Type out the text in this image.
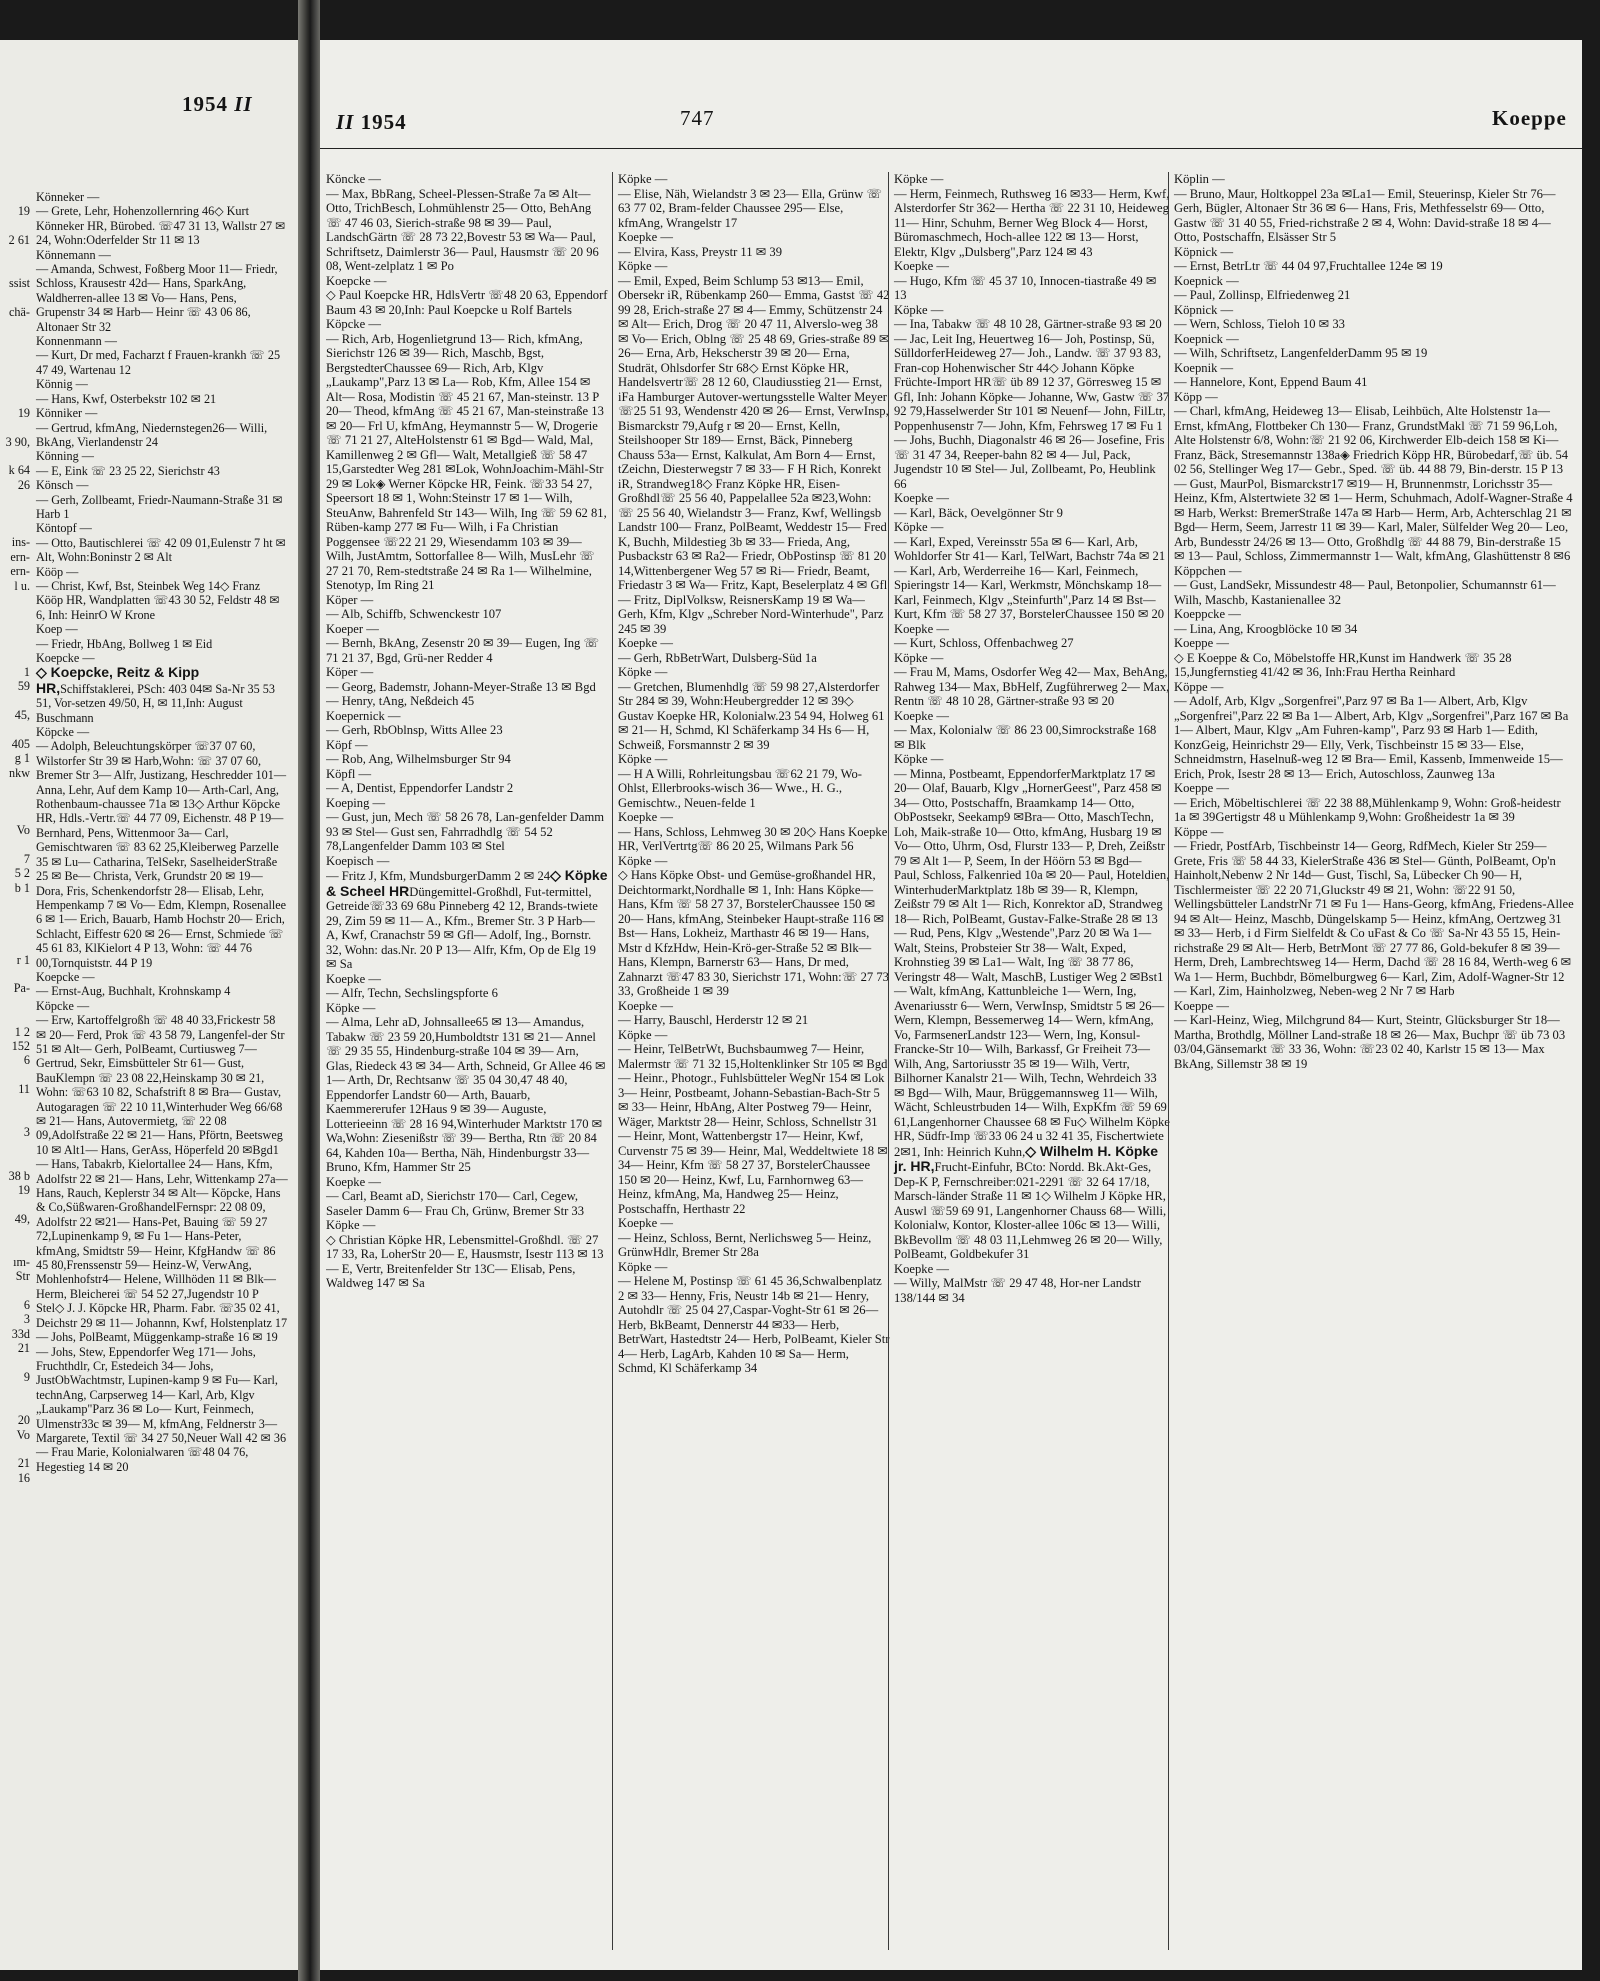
1954 II
19
2 61
ssist
chä-
19
3 90,
k 64
26
ins-
ern-
ern-
l u.
1
59
45,
405
g 1
nkw
Vo
7
5 2
b 1
r 1
Pa-
1 2
152
6
11
3
38 b
19
49,
ım-
Str
6
3
33d
21
9
20
Vo
21
16
Könneker —
— Grete, Lehr, Hohenzollernring 46◇ Kurt Könneker HR, Bürobed. ☏47 31 13, Wallstr 27 ✉ 24, Wohn:Oderfelder Str 11 ✉ 13
Könnemann —
— Amanda, Schwest, Foßberg Moor 11— Friedr, Schloss, Krausestr 42d— Hans, SparkAng, Waldherren-allee 13 ✉ Vo— Hans, Pens, Grupenstr 34 ✉ Harb— Heinr ☏ 43 06 86, Altonaer Str 32
Konnenmann —
— Kurt, Dr med, Facharzt f Frauen-krankh ☏ 25 47 49, Wartenau 12
Könnig —
— Hans, Kwf, Osterbekstr 102 ✉ 21
Könniker —
— Gertrud, kfmAng, Niedernstegen26— Willi, BkAng, Vierlandenstr 24
Könning —
— E, Eink ☏ 23 25 22, Sierichstr 43
Könsch —
— Gerh, Zollbeamt, Friedr-Naumann-Straße 31 ✉ Harb 1
Köntopf —
— Otto, Bautischlerei ☏ 42 09 01,Eulenstr 7 ht ✉ Alt, Wohn:Boninstr 2 ✉ Alt
Kööp —
— Christ, Kwf, Bst, Steinbek Weg 14◇ Franz Kööp HR, Wandplatten ☏43 30 52, Feldstr 48 ✉ 6, Inh: HeinrO W Krone
Koep —
— Friedr, HbAng, Bollweg 1 ✉ Eid
Koepcke —
◇ Koepcke, Reitz & Kipp HR,Schiffstaklerei, PSch: 403 04✉ Sa-Nr 35 53 51, Vor-setzen 49/50, H, ✉ 11,Inh: August Buschmann
Köpcke —
— Adolph, Beleuchtungskörper ☏37 07 60, Wilstorfer Str 39 ✉ Harb,Wohn: ☏ 37 07 60, Bremer Str 3— Alfr, Justizang, Heschredder 101— Anna, Lehr, Auf dem Kamp 10— Arth-Carl, Ang, Rothenbaum-chaussee 71a ✉ 13◇ Arthur Köpcke HR, Hdls.-Vertr.☏ 44 77 09, Eichenstr. 48 P 19— Bernhard, Pens, Wittenmoor 3a— Carl, Gemischtwaren ☏ 83 62 25,Kleiberweg Parzelle 35 ✉ Lu— Catharina, TelSekr, SaselheiderStraße 25 ✉ Be— Christa, Verk, Grundstr 20 ✉ 19— Dora, Fris, Schenkendorfstr 28— Elisab, Lehr, Hempenkamp 7 ✉ Vo— Edm, Klempn, Rosenallee 6 ✉ 1— Erich, Bauarb, Hamb Hochstr 20— Erich, Schlacht, Eiffestr 620 ✉ 26— Ernst, Schmiede ☏ 45 61 83, KlKielort 4 P 13, Wohn: ☏ 44 76 00,Tornquiststr. 44 P 19
Koepcke —
— Ernst-Aug, Buchhalt, Krohnskamp 4
Köpcke —
— Erw, Kartoffelgroßh ☏ 48 40 33,Frickestr 58 ✉ 20— Ferd, Prok ☏ 43 58 79, Langenfel-der Str 51 ✉ Alt— Gerh, PolBeamt, Curtiusweg 7— Gertrud, Sekr, Eimsbütteler Str 61— Gust, BauKlempn ☏ 23 08 22,Heinskamp 30 ✉ 21, Wohn: ☏63 10 82, Schafstrift 8 ✉ Bra— Gustav, Autogaragen ☏ 22 10 11,Winterhuder Weg 66/68 ✉ 21— Hans, Autovermietg, ☏ 22 08 09,Adolfstraße 22 ✉ 21— Hans, Pförtn, Beetsweg 10 ✉ Alt1— Hans, GerAss, Höperfeld 20 ✉Bgd1— Hans, Tabakrb, Kielortallee 24— Hans, Kfm, Adolfstr 22 ✉ 21— Hans, Lehr, Wittenkamp 27a— Hans, Rauch, Keplerstr 34 ✉ Alt— Köpcke, Hans & Co,Süßwaren-GroßhandelFernspr: 22 08 09, Adolfstr 22 ✉21— Hans-Pet, Bauing ☏ 59 27 72,Lupinenkamp 9, ✉ Fu 1— Hans-Peter, kfmAng, Smidtstr 59— Heinr, KfgHandw ☏ 86 45 80,Frenssenstr 59— Heinz-W, VerwAng, Mohlenhofstr4— Helene, Willhöden 11 ✉ Blk— Herm, Bleicherei ☏ 54 52 27,Jugendstr 10 P Stel◇ J. J. Köpcke HR, Pharm. Fabr. ☏35 02 41, Deichstr 29 ✉ 11— Johannn, Kwf, Holstenplatz 17— Johs, PolBeamt, Müggenkamp-straße 16 ✉ 19— Johs, Stew, Eppendorfer Weg 171— Johs, Fruchthdlr, Cr, Estedeich 34— Johs, JustObWachtmstr, Lupinen-kamp 9 ✉ Fu— Karl, technAng, Carpserweg 14— Karl, Arb, Klgv „Laukamp"Parz 36 ✉ Lo— Kurt, Feinmech, Ulmenstr33c ✉ 39— M, kfmAng, Feldnerstr 3— Margarete, Textil ☏ 34 27 50,Neuer Wall 42 ✉ 36— Frau Marie, Kolonialwaren ☏48 04 76, Hegestieg 14 ✉ 20
II 1954	747	Koeppe
Köncke —
— Max, BbRang, Scheel-Plessen-Straße 7a ✉ Alt— Otto, TrichBesch, Lohmühlenstr 25— Otto, BehAng ☏ 47 46 03, Sierich-straße 98 ✉ 39— Paul, LandschGärtn ☏ 28 73 22,Bovestr 53 ✉ Wa— Paul, Schriftsetz, Daimlerstr 36— Paul, Hausmstr ☏ 20 96 08, Went-zelplatz 1 ✉ Po
Koepcke —
◇ Paul Koepcke HR, HdlsVertr ☏48 20 63, Eppendorf Baum 43 ✉ 20,Inh: Paul Koepcke u Rolf Bartels
Köpcke —
— Rich, Arb, Hogenlietgrund 13— Rich, kfmAng, Sierichstr 126 ✉ 39— Rich, Maschb, Bgst, BergstedterChaussee 69— Rich, Arb, Klgv „Laukamp",Parz 13 ✉ La— Rob, Kfm, Allee 154 ✉ Alt— Rosa, Modistin ☏ 45 21 67, Man-steinstr. 13 P 20— Theod, kfmAng ☏ 45 21 67, Man-steinstraße 13 ✉ 20— Frl U, kfmAng, Heymannstr 5— W, Drogerie ☏ 71 21 27, AlteHolstenstr 61 ✉ Bgd— Wald, Mal, Kamillenweg 2 ✉ Gfl— Walt, Metallgieß ☏ 58 47 15,Garstedter Weg 281 ✉Lok, WohnJoachim-Mähl-Str 29 ✉ Lok◈ Werner Köpcke HR, Feink. ☏33 54 27, Speersort 18 ✉ 1, Wohn:Steinstr 17 ✉ 1— Wilh, SteuAnw, Bahrenfeld Str 143— Wilh, Ing ☏ 59 62 81, Rüben-kamp 277 ✉ Fu— Wilh, i Fa Christian Poggensee ☏22 21 29, Wiesendamm 103 ✉ 39— Wilh, JustAmtm, Sottorfallee 8— Wilh, MusLehr ☏ 27 21 70, Rem-stedtstraße 24 ✉ Ra 1— Wilhelmine, Stenotyp, Im Ring 21
Köper —
— Alb, Schiffb, Schwenckestr 107
Koeper —
— Bernh, BkAng, Zesenstr 20 ✉ 39— Eugen, Ing ☏ 71 21 37, Bgd, Grü-ner Redder 4
Köper —
— Georg, Bademstr, Johann-Meyer-Straße 13 ✉ Bgd— Henry, tAng, Neßdeich 45
Koepernick —
— Gerh, RbOblnsp, Witts Allee 23
Köpf —
— Rob, Ang, Wilhelmsburger Str 94
Köpfl —
— A, Dentist, Eppendorfer Landstr 2
Koeping —
— Gust, jun, Mech ☏ 58 26 78, Lan-genfelder Damm 93 ✉ Stel— Gust sen, Fahrradhdlg ☏ 54 52 78,Langenfelder Damm 103 ✉ Stel
Koepisch —
— Fritz J, Kfm, MundsburgerDamm 2 ✉ 24◇ Köpke & Scheel HRDüngemittel-Großhdl, Fut-termittel, Getreide☏33 69 68u Pinneberg 42 12, Brands-twiete 29, Zim 59 ✉ 11— A., Kfm., Bremer Str. 3 P Harb— A, Kwf, Cranachstr 59 ✉ Gfl— Adolf, Ing., Bornstr. 32, Wohn: das.Nr. 20 P 13— Alfr, Kfm, Op de Elg 19 ✉ Sa
Koepke —
— Alfr, Techn, Sechslingspforte 6
Köpke —
— Alma, Lehr aD, Johnsallee65 ✉ 13— Amandus, Tabakw ☏ 23 59 20,Humboldtstr 131 ✉ 21— Annel ☏ 29 35 55, Hindenburg-straße 104 ✉ 39— Arn, Glas, Riedeck 43 ✉ 34— Arth, Schneid, Gr Allee 46 ✉ 1— Arth, Dr, Rechtsanw ☏ 35 04 30,47 48 40, Eppendorfer Landstr 60— Arth, Bauarb, Kaemmererufer 12Haus 9 ✉ 39— Auguste, Lotterieeinn ☏ 28 16 94,Winterhuder Marktstr 170 ✉ Wa,Wohn: Ziesenißstr ☏ 39— Bertha, Rtn ☏ 20 84 64, Kahden 10a— Bertha, Näh, Hindenburgstr 33— Bruno, Kfm, Hammer Str 25
Koepke —
— Carl, Beamt aD, Sierichstr 170— Carl, Cegew, Saseler Damm 6— Frau Ch, Grünw, Bremer Str 33
Köpke —
◇ Christian Köpke HR, Lebensmittel-Großhdl. ☏ 27 17 33, Ra, LoherStr 20— E, Hausmstr, Isestr 113 ✉ 13— E, Vertr, Breitenfelder Str 13C— Elisab, Pens, Waldweg 147 ✉ Sa
Köpke —
— Elise, Näh, Wielandstr 3 ✉ 23— Ella, Grünw ☏ 63 77 02, Bram-felder Chaussee 295— Else, kfmAng, Wrangelstr 17
Koepke —
— Elvira, Kass, Preystr 11 ✉ 39
Köpke —
— Emil, Exped, Beim Schlump 53 ✉13— Emil, Obersekr iR, Rübenkamp 260— Emma, Gastst ☏ 42 99 28, Erich-straße 27 ✉ 4— Emmy, Schützenstr 24 ✉ Alt— Erich, Drog ☏ 20 47 11, Alverslo-weg 38 ✉ Vo— Erich, Oblng ☏ 25 48 69, Gries-straße 89 ✉ 26— Erna, Arb, Hekscherstr 39 ✉ 20— Erna, Studrät, Ohlsdorfer Str 68◇ Ernst Köpke HR, Handelsvertr☏ 28 12 60, Claudiusstieg 21— Ernst, iFa Hamburger Autover-wertungsstelle Walter Meyer ☏25 51 93, Wendenstr 420 ✉ 26— Ernst, VerwInsp, Bismarckstr 79,Aufg r ✉ 20— Ernst, Kelln, Steilshooper Str 189— Ernst, Bäck, Pinneberg Chauss 53a— Ernst, Kalkulat, Am Born 4— Ernst, tZeichn, Diesterwegstr 7 ✉ 33— F H Rich, Konrekt iR, Strandweg18◇ Franz Köpke HR, Eisen-Großhdl☏ 25 56 40, Pappelallee 52a ✉23,Wohn: ☏ 25 56 40, Wielandstr 3— Franz, Kwf, Wellingsb Landstr 100— Franz, PolBeamt, Weddestr 15— Fred K, Buchh, Mildestieg 3b ✉ 33— Frieda, Ang, Pusbackstr 63 ✉ Ra2— Friedr, ObPostinsp ☏ 81 20 14,Wittenbergener Weg 57 ✉ Ri— Friedr, Beamt, Friedastr 3 ✉ Wa— Fritz, Kapt, Beselerplatz 4 ✉ Gfl— Fritz, DiplVolksw, ReisnersKamp 19 ✉ Wa— Gerh, Kfm, Klgv „Schreber Nord-Winterhude", Parz 245 ✉ 39
Koepke —
— Gerh, RbBetrWart, Dulsberg-Süd 1a
Köpke —
— Gretchen, Blumenhdlg ☏ 59 98 27,Alsterdorfer Str 284 ✉ 39, Wohn:Heubergredder 12 ✉ 39◇ Gustav Koepke HR, Kolonialw.23 54 94, Holweg 61 ✉ 21— H, Schmd, Kl Schäferkamp 34 Hs 6— H, Schweiß, Forsmannstr 2 ✉ 39
Köpke —
— H A Willi, Rohrleitungsbau ☏62 21 79, Wo-Ohlst, Ellerbrooks-wisch 36— Wwe., H. G., Gemischtw., Neuen-felde 1
Koepke —
— Hans, Schloss, Lehmweg 30 ✉ 20◇ Hans Koepke HR, VerlVertrtg☏ 86 20 25, Wilmans Park 56
Köpke —
◇ Hans Köpke Obst- und Gemüse-großhandel HR, Deichtormarkt,Nordhalle ✉ 1, Inh: Hans Köpke— Hans, Kfm ☏ 58 27 37, BorstelerChaussee 150 ✉ 20— Hans, kfmAng, Steinbeker Haupt-straße 116 ✉ Bst— Hans, Lokheiz, Marthastr 46 ✉ 19— Hans, Mstr d KfzHdw, Hein-Krö-ger-Straße 52 ✉ Blk— Hans, Klempn, Barnerstr 63— Hans, Dr med, Zahnarzt ☏47 83 30, Sierichstr 171, Wohn:☏ 27 73 33, Großheide 1 ✉ 39
Koepke —
— Harry, Bauschl, Herderstr 12 ✉ 21
Köpke —
— Heinr, TelBetrWt, Buchsbaumweg 7— Heinr, Malermstr ☏ 71 32 15,Holtenklinker Str 105 ✉ Bgd— Heinr., Photogr., Fuhlsbütteler WegNr 154 ✉ Lok 3— Heinr, Postbeamt, Johann-Sebastian-Bach-Str 5 ✉ 33— Heinr, HbAng, Alter Postweg 79— Heinr, Wäger, Marktstr 28— Heinr, Schloss, Schnellstr 31— Heinr, Mont, Wattenbergstr 17— Heinr, Kwf, Curvenstr 75 ✉ 39— Heinr, Mal, Weddeltwiete 18 ✉ 34— Heinr, Kfm ☏ 58 27 37, BorstelerChaussee 150 ✉ 20— Heinz, Kwf, Lu, Farnhornweg 63— Heinz, kfmAng, Ma, Handweg 25— Heinz, Postschaffn, Herthastr 22
Koepke —
— Heinz, Schloss, Bernt, Nerlichsweg 5— Heinz, GrünwHdlr, Bremer Str 28a
Köpke —
— Helene M, Postinsp ☏ 61 45 36,Schwalbenplatz 2 ✉ 33— Henny, Fris, Neustr 14b ✉ 21— Henry, Autohdlr ☏ 25 04 27,Caspar-Voght-Str 61 ✉ 26— Herb, BkBeamt, Dennerstr 44 ✉33— Herb, BetrWart, Hastedtstr 24— Herb, PolBeamt, Kieler Str 4— Herb, LagArb, Kahden 10 ✉ Sa— Herm, Schmd, Kl Schäferkamp 34
Köpke —
— Herm, Feinmech, Ruthsweg 16 ✉33— Herm, Kwf, Alsterdorfer Str 362— Hertha ☏ 22 31 10, Heideweg 11— Hinr, Schuhm, Berner Weg Block 4— Horst, Büromaschmech, Hoch-allee 122 ✉ 13— Horst, Elektr, Klgv „Dulsberg",Parz 124 ✉ 43
Koepke —
— Hugo, Kfm ☏ 45 37 10, Innocen-tiastraße 49 ✉ 13
Köpke —
— Ina, Tabakw ☏ 48 10 28, Gärtner-straße 93 ✉ 20— Jac, Leit Ing, Heuertweg 16— Joh, Postinsp, Sü, SülldorferHeideweg 27— Joh., Landw. ☏ 37 93 83, Fran-cop Hohenwischer Str 44◇ Johann Köpke Früchte-Import HR☏ üb 89 12 37, Görresweg 15 ✉Gfl, Inh: Johann Köpke— Johanne, Ww, Gastw ☏ 37 92 79,Hasselwerder Str 101 ✉ Neuenf— John, FilLtr, Poppenhusenstr 7— John, Kfm, Fehrsweg 17 ✉ Fu 1— Johs, Buchh, Diagonalstr 46 ✉ 26— Josefine, Fris ☏ 31 47 34, Reeper-bahn 82 ✉ 4— Jul, Pack, Jugendstr 10 ✉ Stel— Jul, Zollbeamt, Po, Heublink 66
Koepke —
— Karl, Bäck, Oevelgönner Str 9
Köpke —
— Karl, Exped, Vereinsstr 55a ✉ 6— Karl, Arb, Wohldorfer Str 41— Karl, TelWart, Bachstr 74a ✉ 21— Karl, Arb, Werderreihe 16— Karl, Feinmech, Spieringstr 14— Karl, Werkmstr, Mönchskamp 18— Karl, Feinmech, Klgv „Steinfurth",Parz 14 ✉ Bst— Kurt, Kfm ☏ 58 27 37, BorstelerChaussee 150 ✉ 20
Koepke —
— Kurt, Schloss, Offenbachweg 27
Köpke —
— Frau M, Mams, Osdorfer Weg 42— Max, BehAng, Rahweg 134— Max, BbHelf, Zugführerweg 2— Max, Rentn ☏ 48 10 28, Gärtner-straße 93 ✉ 20
Koepke —
— Max, Kolonialw ☏ 86 23 00,Simrockstraße 168 ✉ Blk
Köpke —
— Minna, Postbeamt, EppendorferMarktplatz 17 ✉ 20— Olaf, Bauarb, Klgv „HornerGeest", Parz 458 ✉ 34— Otto, Postschaffn, Braamkamp 14— Otto, ObPostsekr, Seekamp9 ✉Bra— Otto, MaschTechn, Loh, Maik-straße 10— Otto, kfmAng, Husbarg 19 ✉ Vo— Otto, Uhrm, Osd, Flurstr 133— P, Dreh, Zeißstr 79 ✉ Alt 1— P, Seem, In der Höörn 53 ✉ Bgd— Paul, Schloss, Falkenried 10a ✉ 20— Paul, Hoteldien, WinterhuderMarktplatz 18b ✉ 39— R, Klempn, Zeißstr 79 ✉ Alt 1— Rich, Konrektor aD, Strandweg 18— Rich, PolBeamt, Gustav-Falke-Straße 28 ✉ 13— Rud, Pens, Klgv „Westende",Parz 20 ✉ Wa 1— Walt, Steins, Probsteier Str 38— Walt, Exped, Krohnstieg 39 ✉ La1— Walt, Ing ☏ 38 77 86, Veringstr 48— Walt, MaschB, Lustiger Weg 2 ✉Bst1— Walt, kfmAng, Kattunbleiche 1— Wern, Ing, Avenariusstr 6— Wern, VerwInsp, Smidtstr 5 ✉ 26— Wern, Klempn, Bessemerweg 14— Wern, kfmAng, Vo, FarmsenerLandstr 123— Wern, Ing, Konsul-Francke-Str 10— Wilh, Barkassf, Gr Freiheit 73— Wilh, Ang, Sartoriusstr 35 ✉ 19— Wilh, Vertr, Bilhorner Kanalstr 21— Wilh, Techn, Wehrdeich 33 ✉ Bgd— Wilh, Maur, Brüggemannsweg 11— Wilh, Wächt, Schleustrbuden 14— Wilh, ExpKfm ☏ 59 69 61,Langenhorner Chaussee 68 ✉ Fu◇ Wilhelm Köpke HR, Südfr-Imp ☏33 06 24 u 32 41 35, Fischertwiete 2✉1, Inh: Heinrich Kuhn,◇ Wilhelm H. Köpke jr. HR,Frucht-Einfuhr, BCto: Nordd. Bk.Akt-Ges, Dep-K P, Fernschreiber:021-2291 ☏ 32 64 17/18, Marsch-länder Straße 11 ✉ 1◇ Wilhelm J Köpke HR, Auswl ☏59 69 91, Langenhorner Chauss 68— Willi, Kolonialw, Kontor, Kloster-allee 106c ✉ 13— Willi, BkBevollm ☏ 48 03 11,Lehmweg 26 ✉ 20— Willy, PolBeamt, Goldbekufer 31
Koepke —
— Willy, MalMstr ☏ 29 47 48, Hor-ner Landstr 138/144 ✉ 34
Köplin —
— Bruno, Maur, Holtkoppel 23a ✉La1— Emil, Steuerinsp, Kieler Str 76— Gerh, Bügler, Altonaer Str 36 ✉ 6— Hans, Fris, Methfesselstr 69— Otto, Gastw ☏ 31 40 55, Fried-richstraße 2 ✉ 4, Wohn: David-straße 18 ✉ 4— Otto, Postschaffn, Elsässer Str 5
Köpnick —
— Ernst, BetrLtr ☏ 44 04 97,Fruchtallee 124e ✉ 19
Koepnick —
— Paul, Zollinsp, Elfriedenweg 21
Köpnick —
— Wern, Schloss, Tieloh 10 ✉ 33
Koepnick —
— Wilh, Schriftsetz, LangenfelderDamm 95 ✉ 19
Koepnik —
— Hannelore, Kont, Eppend Baum 41
Köpp —
— Charl, kfmAng, Heideweg 13— Elisab, Leihbüch, Alte Holstenstr 1a— Ernst, kfmAng, Flottbeker Ch 130— Franz, GrundstMakl ☏ 71 59 96,Loh, Alte Holstenstr 6/8, Wohn:☏ 21 92 06, Kirchwerder Elb-deich 158 ✉ Ki— Franz, Bäck, Stresemannstr 138a◈ Friedrich Köpp HR, Bürobedarf,☏ üb. 54 02 56, Stellinger Weg 17— Gebr., Sped. ☏ üb. 44 88 79, Bin-derstr. 15 P 13— Gust, MaurPol, Bismarckstr17 ✉19— H, Brunnenmstr, Lorichsstr 35— Heinz, Kfm, Alstertwiete 32 ✉ 1— Herm, Schuhmach, Adolf-Wagner-Straße 4 ✉ Harb, Werkst: BremerStraße 147a ✉ Harb— Herm, Arb, Achterschlag 21 ✉ Bgd— Herm, Seem, Jarrestr 11 ✉ 39— Karl, Maler, Sülfelder Weg 20— Leo, Arb, Bundesstr 24/26 ✉ 13— Otto, Großhdlg ☏ 44 88 79, Bin-derstraße 15 ✉ 13— Paul, Schloss, Zimmermannstr 1— Walt, kfmAng, Glashüttenstr 8 ✉6
Köppchen —
— Gust, LandSekr, Missundestr 48— Paul, Betonpolier, Schumannstr 61— Wilh, Maschb, Kastanienallee 32
Koeppcke —
— Lina, Ang, Kroogblöcke 10 ✉ 34
Koeppe —
◇ E Koeppe & Co, Möbelstoffe HR,Kunst im Handwerk ☏ 35 28 15,Jungfernstieg 41/42 ✉ 36, Inh:Frau Hertha Reinhard
Köppe —
— Adolf, Arb, Klgv „Sorgenfrei",Parz 97 ✉ Ba 1— Albert, Arb, Klgv „Sorgenfrei",Parz 22 ✉ Ba 1— Albert, Arb, Klgv „Sorgenfrei",Parz 167 ✉ Ba 1— Albert, Maur, Klgv „Am Fuhren-kamp", Parz 93 ✉ Harb 1— Edith, KonzGeig, Heinrichstr 29— Elly, Verk, Tischbeinstr 15 ✉ 33— Else, Schneidmstrn, Haselnuß-weg 12 ✉ Bra— Emil, Kassenb, Immenweide 15— Erich, Prok, Isestr 28 ✉ 13— Erich, Autoschloss, Zaunweg 13a
Koeppe —
— Erich, Möbeltischlerei ☏ 22 38 88,Mühlenkamp 9, Wohn: Groß-heidestr 1a ✉ 39Gertigstr 48 u Mühlenkamp 9,Wohn: Großheidestr 1a ✉ 39
Köppe —
— Friedr, PostfArb, Tischbeinstr 14— Georg, RdfMech, Kieler Str 259— Grete, Fris ☏ 58 44 33, KielerStraße 436 ✉ Stel— Günth, PolBeamt, Op'n Hainholt,Nebenw 2 Nr 14d— Gust, Tischl, Sa, Lübecker Ch 90— H, Tischlermeister ☏ 22 20 71,Gluckstr 49 ✉ 21, Wohn: ☏22 91 50, Wellingsbütteler LandstrNr 71 ✉ Fu 1— Hans-Georg, kfmAng, Friedens-Allee 94 ✉ Alt— Heinz, Maschb, Düngelskamp 5— Heinz, kfmAng, Oertzweg 31 ✉ 33— Herb, i d Firm Sielfeldt & Co uFast & Co ☏ Sa-Nr 43 55 15, Hein-richstraße 29 ✉ Alt— Herb, BetrMont ☏ 27 77 86, Gold-bekufer 8 ✉ 39— Herm, Dreh, Lambrechtsweg 14— Herm, Dachd ☏ 28 16 84, Werth-weg 6 ✉ Wa 1— Herm, Buchbdr, Bömelburgweg 6— Karl, Zim, Adolf-Wagner-Str 12— Karl, Zim, Hainholzweg, Neben-weg 2 Nr 7 ✉ Harb
Koeppe —
— Karl-Heinz, Wieg, Milchgrund 84— Kurt, Steintr, Glücksburger Str 18— Martha, Brothdlg, Möllner Land-straße 18 ✉ 26— Max, Buchpr ☏ üb 73 03 03/04,Gänsemarkt ☏ 33 36, Wohn: ☏23 02 40, Karlstr 15 ✉ 13— Max BkAng, Sillemstr 38 ✉ 19
